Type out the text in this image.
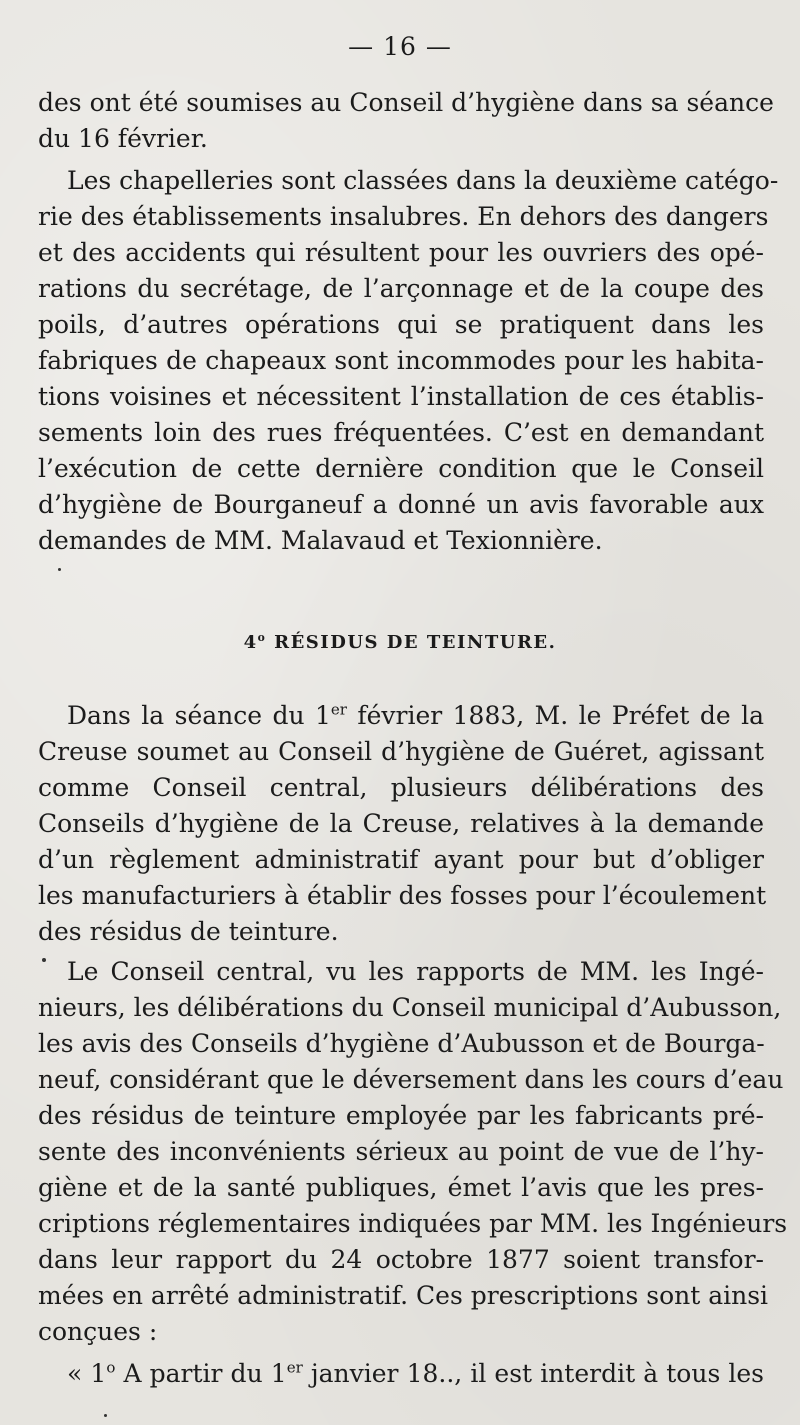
— 16 —
des ont été soumises au Conseil d’hygiène dans sa séance
du 16 février.
Les chapelleries sont classées dans la deuxième catégo-
rie des établissements insalubres. En dehors des dangers
et des accidents qui résultent pour les ouvriers des opé-
rations du secrétage, de l’arçonnage et de la coupe des
poils, d’autres opérations qui se pratiquent dans les
fabriques de chapeaux sont incommodes pour les habita-
tions voisines et nécessitent l’installation de ces établis-
sements loin des rues fréquentées. C’est en demandant
l’exécution de cette dernière condition que le Conseil
d’hygiène de Bourganeuf a donné un avis favorable aux
demandes de MM. Malavaud et Texionnière.
4$^o$ RÉSIDUS DE TEINTURE.
Dans la séance du 1er février 1883, M. le Préfet de la
Creuse soumet au Conseil d’hygiène de Guéret, agissant
comme Conseil central, plusieurs délibérations des
Conseils d’hygiène de la Creuse, relatives à la demande
d’un règlement administratif ayant pour but d’obliger
les manufacturiers à établir des fosses pour l’écoulement
des résidus de teinture.
Le Conseil central, vu les rapports de MM. les Ingé-
nieurs, les délibérations du Conseil municipal d’Aubusson,
les avis des Conseils d’hygiène d’Aubusson et de Bourga-
neuf, considérant que le déversement dans les cours d’eau
des résidus de teinture employée par les fabricants pré-
sente des inconvénients sérieux au point de vue de l’hy-
giène et de la santé publiques, émet l’avis que les pres-
criptions réglementaires indiquées par MM. les Ingénieurs
dans leur rapport du 24 octobre 1877 soient transfor-
mées en arrêté administratif. Ces prescriptions sont ainsi
conçues :
« 1$^o$ A partir du 1er janvier 18.., il est interdit à tous les
